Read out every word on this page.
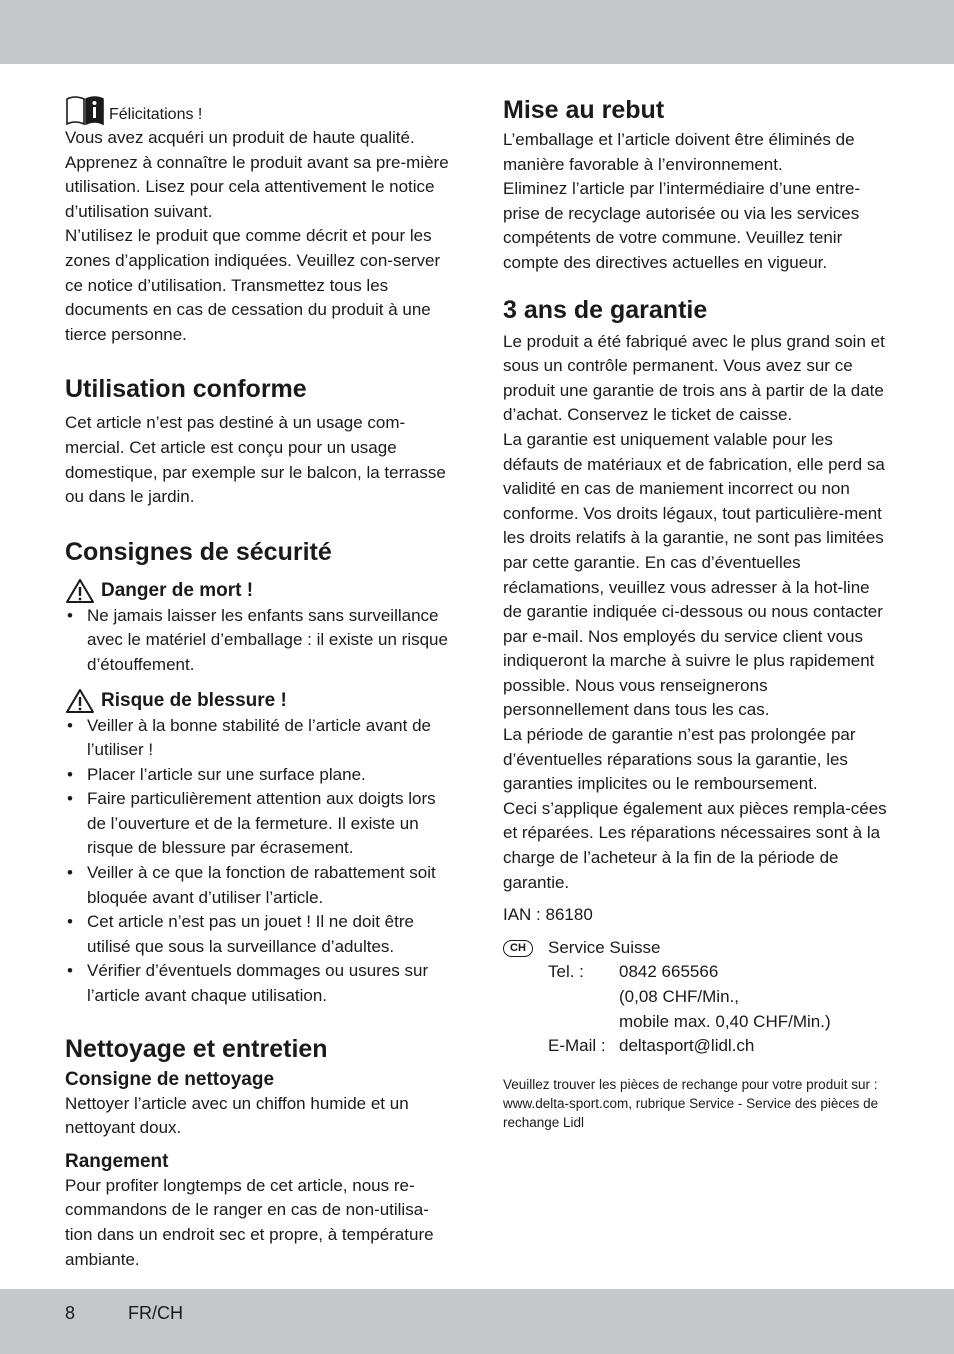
Félicitations !

Vous avez acquéri un produit de haute qualité. Apprenez à connaître le produit avant sa pre-mière utilisation. Lisez pour cela attentivement le notice d’utilisation suivant.

N’utilisez le produit que comme décrit et pour les zones d’application indiquées. Veuillez con-server ce notice d’utilisation. Transmettez tous les documents en cas de cessation du produit à une tierce personne.

Utilisation conforme

Cet article n’est pas destiné à un usage com-mercial. Cet article est conçu pour un usage domestique, par exemple sur le balcon, la terrasse ou dans le jardin.

Consignes de sécurité
Danger de mort !
• Ne jamais laisser les enfants sans surveillance avec le matériel d’emballage : il existe un risque d’étouffement.
Risque de blessure !
• Veiller à la bonne stabilité de l’article avant de l’utiliser !
• Placer l’article sur une surface plane.
• Faire particulièrement attention aux doigts lors de l’ouverture et de la fermeture. Il existe un risque de blessure par écrasement.
• Veiller à ce que la fonction de rabattement soit bloquée avant d’utiliser l’article.
• Cet article n’est pas un jouet ! Il ne doit être utilisé que sous la surveillance d’adultes.
• Vérifier d’éventuels dommages ou usures sur l’article avant chaque utilisation.
Nettoyage et entretien
Consigne de nettoyage

Nettoyer l’article avec un chiffon humide et un nettoyant doux.

Rangement

Pour profiter longtemps de cet article, nous re-commandons de le ranger en cas de non-utilisa-tion dans un endroit sec et propre, à température ambiante.

Mise au rebut

L’emballage et l’article doivent être éliminés de manière favorable à l’environnement.

Eliminez l’article par l’intermédiaire d’une entre-prise de recyclage autorisée ou via les services compétents de votre commune. Veuillez tenir compte des directives actuelles en vigueur.

3 ans de garantie

Le produit a été fabriqué avec le plus grand soin et sous un contrôle permanent. Vous avez sur ce produit une garantie de trois ans à partir de la date d’achat. Conservez le ticket de caisse.

La garantie est uniquement valable pour les défauts de matériaux et de fabrication, elle perd sa validité en cas de maniement incorrect ou non conforme. Vos droits légaux, tout particulière-ment les droits relatifs à la garantie, ne sont pas limitées par cette garantie. En cas d’éventuelles réclamations, veuillez vous adresser à la hot-line de garantie indiquée ci-dessous ou nous contacter par e-mail. Nos employés du service client vous indiqueront la marche à suivre le plus rapidement possible. Nous vous renseignerons personnellement dans tous les cas.

La période de garantie n’est pas prolongée par d’éventuelles réparations sous la garantie, les garanties implicites ou le remboursement.

Ceci s’applique également aux pièces rempla-cées et réparées. Les réparations nécessaires sont à la charge de l’acheteur à la fin de la période de garantie.

IAN : 86180

CH	Service Suisse
Tel. :	0842 665566
(0,08 CHF/Min.,
mobile max. 0,40 CHF/Min.)
E-Mail : deltasport@lidl.ch

Veuillez trouver les pièces de rechange pour votre produit sur : www.delta-sport.com, rubrique Service - Service des pièces de rechange Lidl

8	FR/CH
